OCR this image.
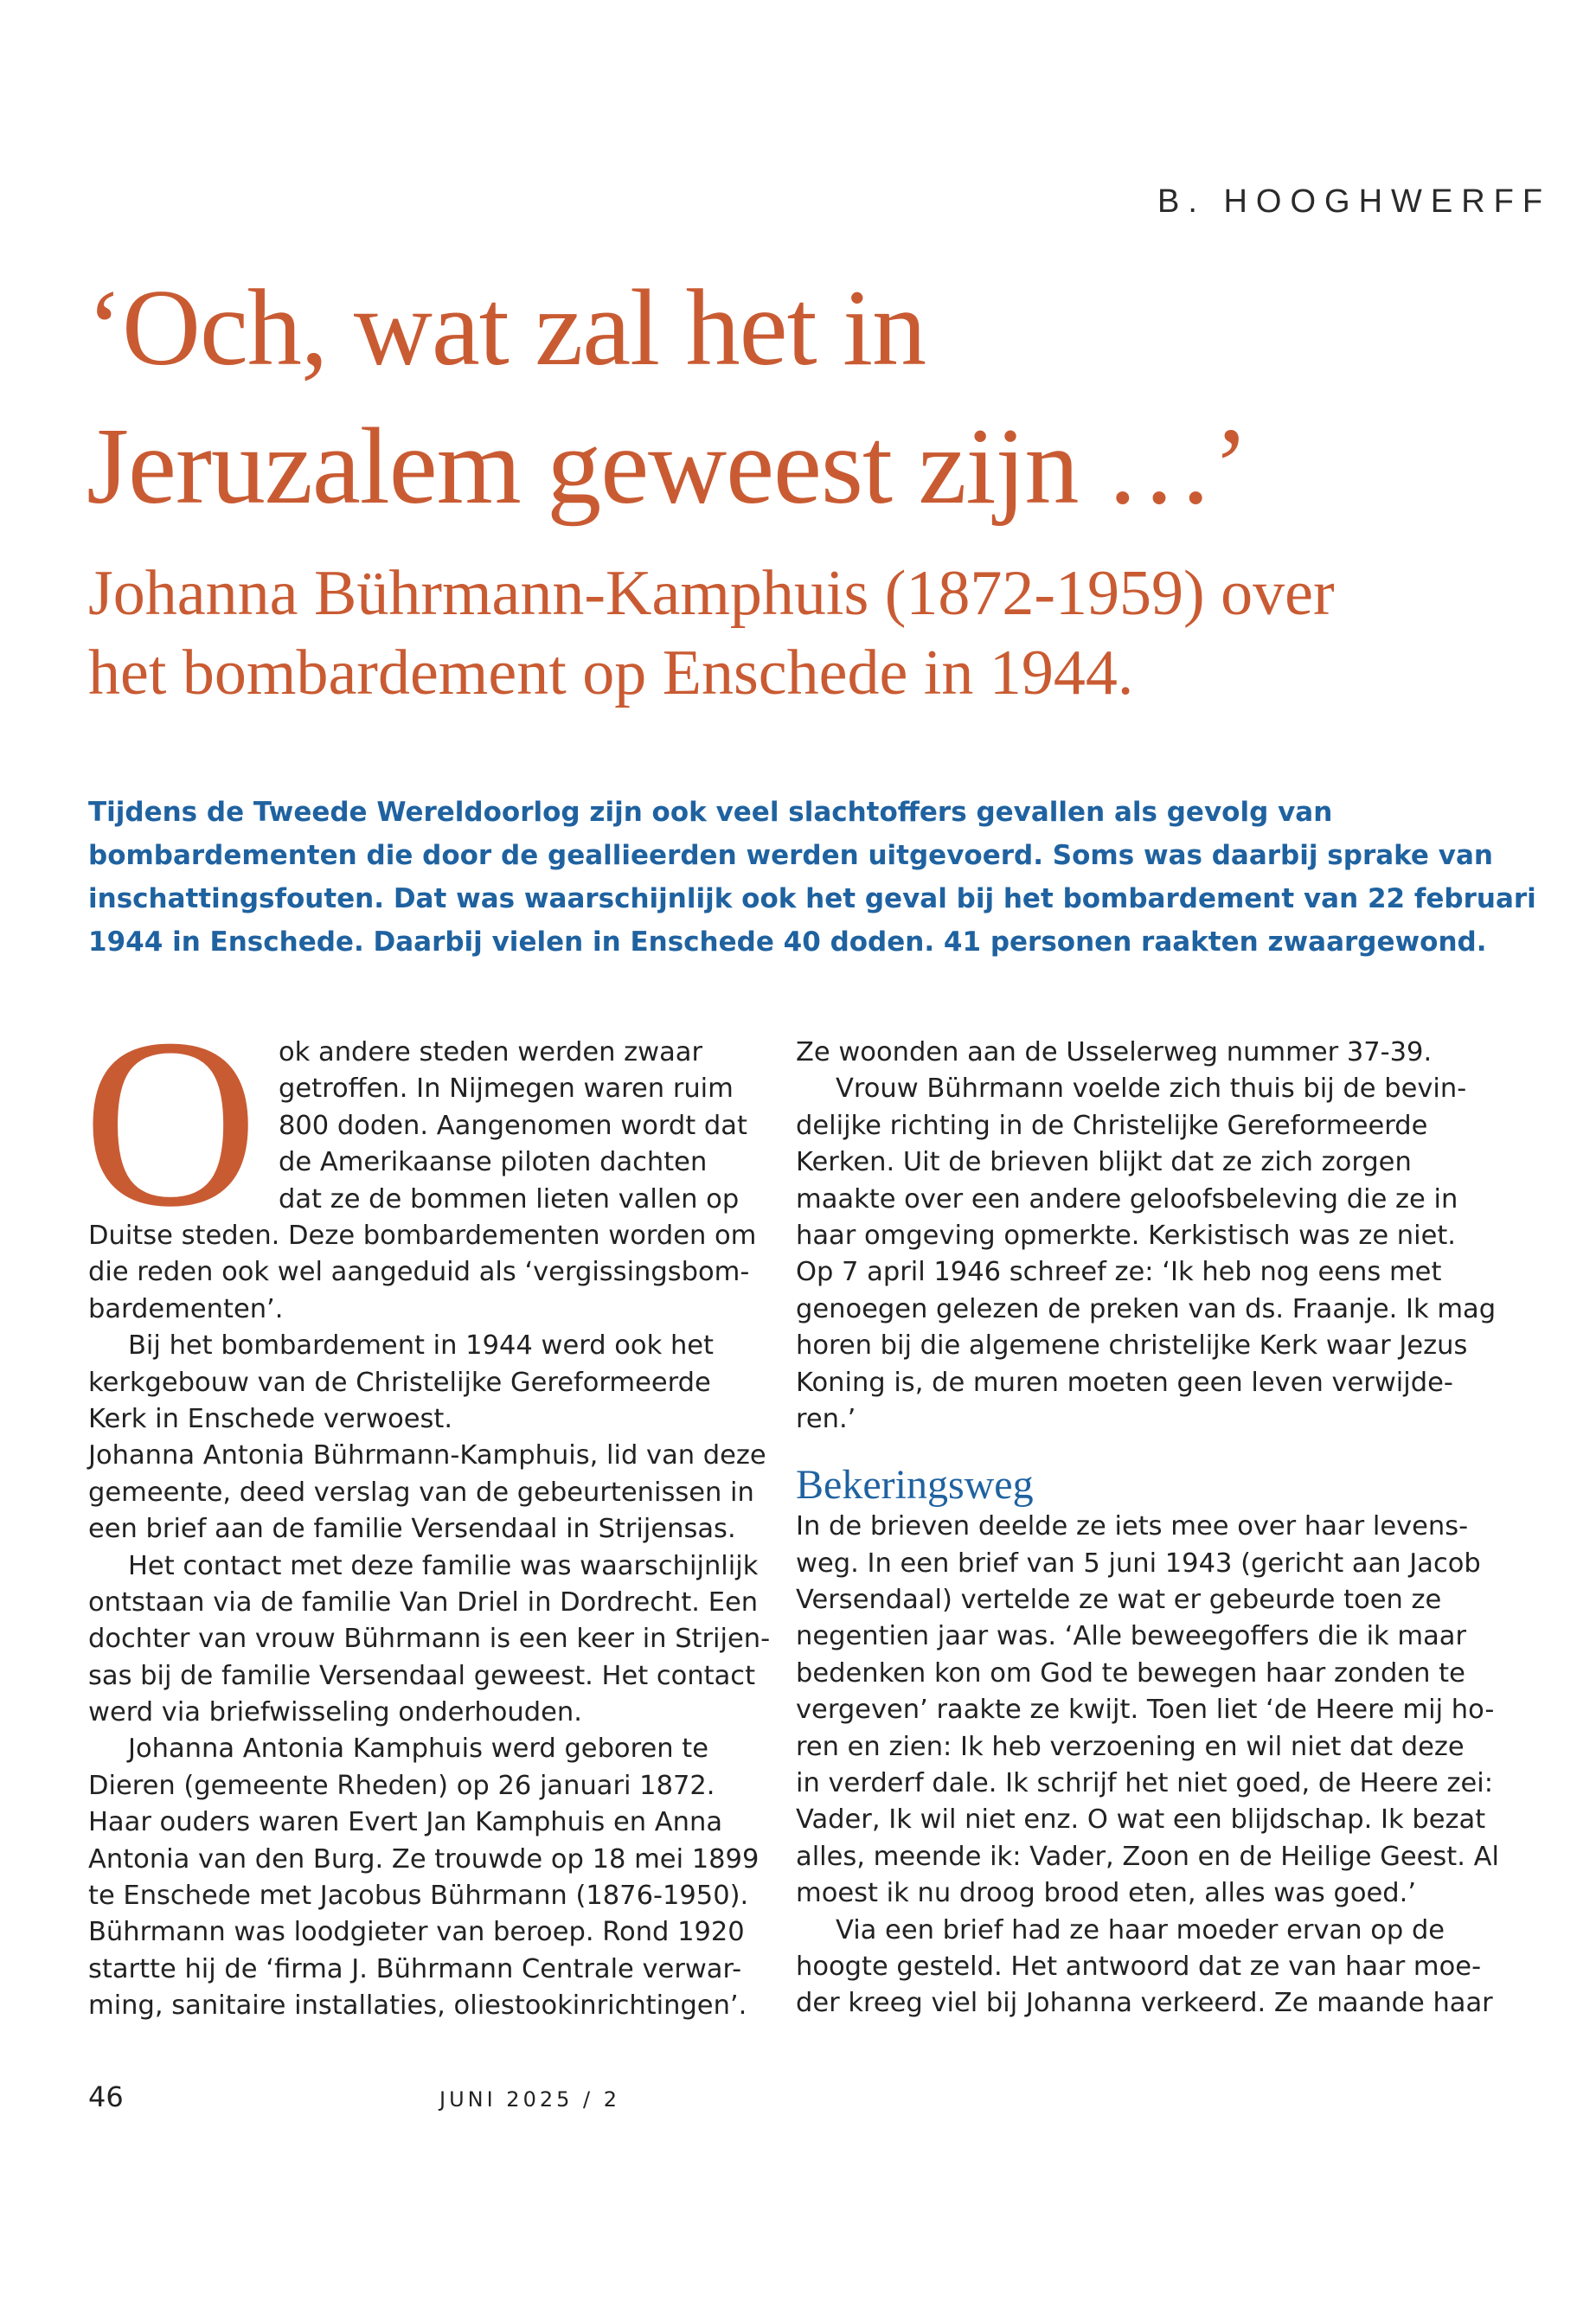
B. HOOGHWERFF
‘Och, wat zal het in
Jeruzalem geweest zijn …’
Johanna Bührmann-Kamphuis (1872-1959) over
het bombardement op Enschede in 1944.

Tijdens de Tweede Wereldoorlog zijn ook veel slachtoffers gevallen als gevolg van
bombardementen die door de geallieerden werden uitgevoerd. Soms was daarbij sprake van
inschattingsfouten. Dat was waarschijnlijk ook het geval bij het bombardement van 22 februari
1944 in Enschede. Daarbij vielen in Enschede 40 doden. 41 personen raakten zwaargewond.

O ok andere steden werden zwaar
getroffen. In Nijmegen waren ruim
800 doden. Aangenomen wordt dat
de Amerikaanse piloten dachten
dat ze de bommen lieten vallen op
Duitse steden. Deze bombardementen worden om
die reden ook wel aangeduid als ‘vergissingsbom-
bardementen’.
Bij het bombardement in 1944 werd ook het
kerkgebouw van de Christelijke Gereformeerde
Kerk in Enschede verwoest.
Johanna Antonia Bührmann-Kamphuis, lid van deze
gemeente, deed verslag van de gebeurtenissen in
een brief aan de familie Versendaal in Strijensas.
Het contact met deze familie was waarschijnlijk
ontstaan via de familie Van Driel in Dordrecht. Een
dochter van vrouw Bührmann is een keer in Strijen-
sas bij de familie Versendaal geweest. Het contact
werd via briefwisseling onderhouden.
Johanna Antonia Kamphuis werd geboren te
Dieren (gemeente Rheden) op 26 januari 1872.
Haar ouders waren Evert Jan Kamphuis en Anna
Antonia van den Burg. Ze trouwde op 18 mei 1899
te Enschede met Jacobus Bührmann (1876-1950).
Bührmann was loodgieter van beroep. Rond 1920
startte hij de ‘firma J. Bührmann Centrale verwar-
ming, sanitaire installaties, oliestookinrichtingen’.
Ze woonden aan de Usselerweg nummer 37-39.
Vrouw Bührmann voelde zich thuis bij de bevin-
delijke richting in de Christelijke Gereformeerde
Kerken. Uit de brieven blijkt dat ze zich zorgen
maakte over een andere geloofsbeleving die ze in
haar omgeving opmerkte. Kerkistisch was ze niet.
Op 7 april 1946 schreef ze: ‘Ik heb nog eens met
genoegen gelezen de preken van ds. Fraanje. Ik mag
horen bij die algemene christelijke Kerk waar Jezus
Koning is, de muren moeten geen leven verwijde-
ren.’
Bekeringsweg
In de brieven deelde ze iets mee over haar levens-
weg. In een brief van 5 juni 1943 (gericht aan Jacob
Versendaal) vertelde ze wat er gebeurde toen ze
negentien jaar was. ‘Alle beweegoffers die ik maar
bedenken kon om God te bewegen haar zonden te
vergeven’ raakte ze kwijt. Toen liet ‘de Heere mij ho-
ren en zien: Ik heb verzoening en wil niet dat deze
in verderf dale. Ik schrijf het niet goed, de Heere zei:
Vader, Ik wil niet enz. O wat een blijdschap. Ik bezat
alles, meende ik: Vader, Zoon en de Heilige Geest. Al
moest ik nu droog brood eten, alles was goed.’
Via een brief had ze haar moeder ervan op de
hoogte gesteld. Het antwoord dat ze van haar moe-
der kreeg viel bij Johanna verkeerd. Ze maande haar
46	JUNI 2025 / 2
